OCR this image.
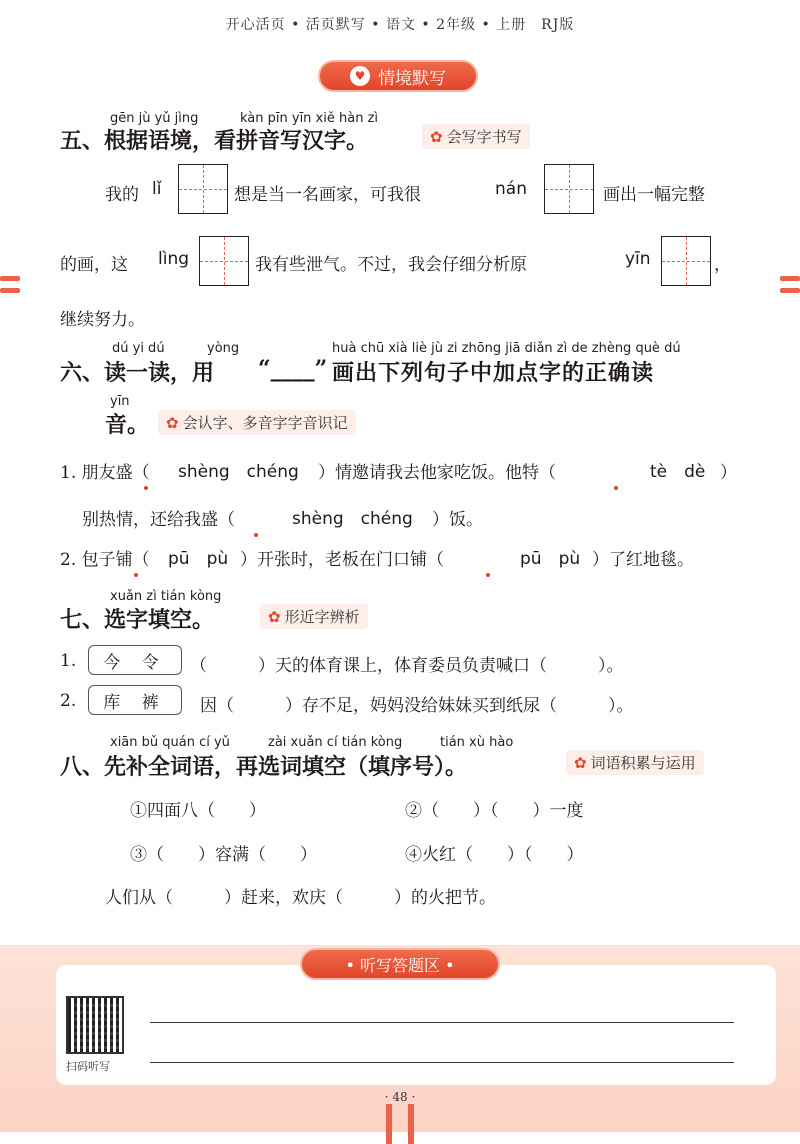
开心活页 • 活页默写 • 语文 • 2年级 • 上册　RJ版
♥ 情境默写
gēn jù yǔ jìng	kàn pīn yīn xiě hàn zì
五、根据语境，看拼音写汉字。	✿ 会写字书写
我的 lǐ	想是当一名画家，可我很	nán	画出一幅完整
的画，这 lìng	我有些泄气。不过，我会仔细分析原	yīn	，
继续努力。
dú yi dú	yòng	huà chū xià liè jù zi zhōng jiā diǎn zì de zhèng què dú
六、读一读，用 “____” 画出下列句子中加点字的正确读
yīn
音。	✿ 会认字、多音字字音识记
1. 朋友盛（ shèng　chéng ）情邀请我去他家吃饭。他特（	tè　dè ）
别热情，还给我盛（	shèng　chéng ）饭。
2. 包子铺（ pū　pù ）开张时，老板在门口铺（	pū　pù ）了红地毯。
xuǎn zì tián kòng
七、选字填空。	✿ 形近字辨析
1.	今 令	（　　　）天的体育课上，体育委员负责喊口（　　　）。
2.	库 裤	因（　　　）存不足，妈妈没给妹妹买到纸尿（　　　）。
xiān bǔ quán cí yǔ	zài xuǎn cí tián kòng	tián xù hào
八、先补全词语，再选词填空（填序号）。	✿ 词语积累与运用
①四面八（　　）	②（　　）（　　）一度
③（　　）容满（　　）	④火红（　　）（　　）
人们从（　　　）赶来，欢庆（　　　）的火把节。
• 听写答题区 •
扫码听写
· 48 ·
